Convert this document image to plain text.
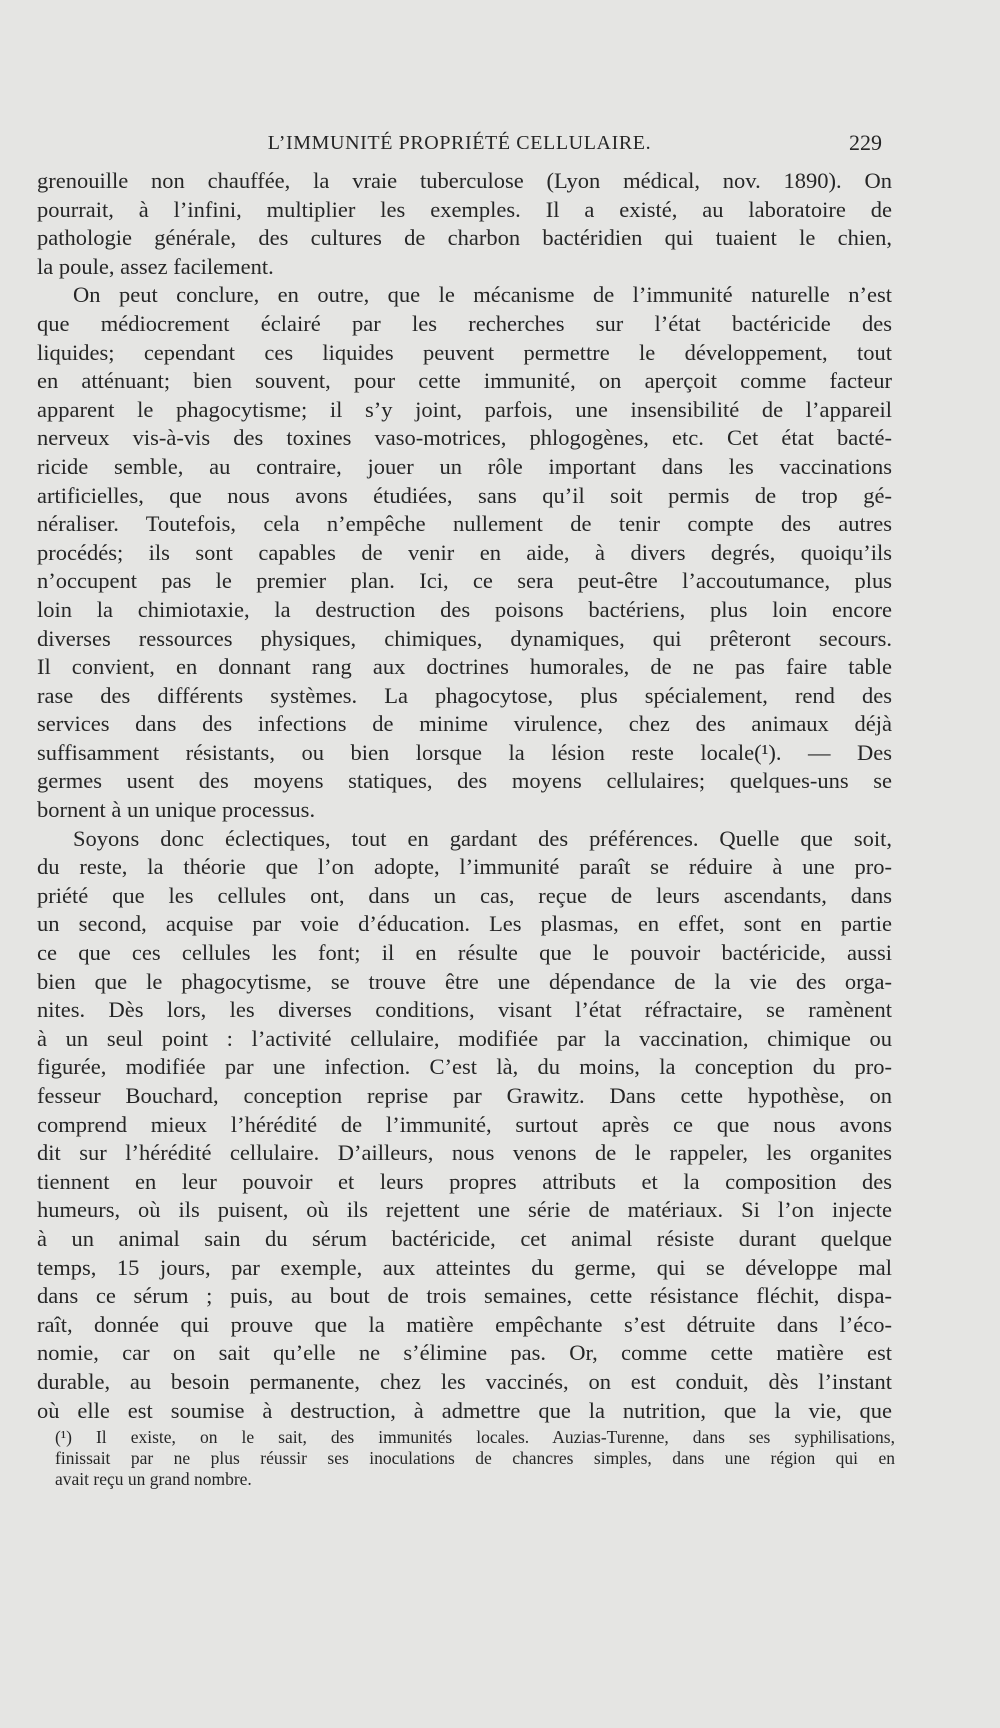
L’IMMUNITÉ PROPRIÉTÉ CELLULAIRE.	229
grenouille non chauffée, la vraie tuberculose (Lyon médical, nov. 1890). On
pourrait, à l’infini, multiplier les exemples. Il a existé, au laboratoire de
pathologie générale, des cultures de charbon bactéridien qui tuaient le chien,
la poule, assez facilement.
On peut conclure, en outre, que le mécanisme de l’immunité naturelle n’est
que médiocrement éclairé par les recherches sur l’état bactéricide des
liquides; cependant ces liquides peuvent permettre le développement, tout
en atténuant; bien souvent, pour cette immunité, on aperçoit comme facteur
apparent le phagocytisme; il s’y joint, parfois, une insensibilité de l’appareil
nerveux vis-à-vis des toxines vaso-motrices, phlogogènes, etc. Cet état bacté-
ricide semble, au contraire, jouer un rôle important dans les vaccinations
artificielles, que nous avons étudiées, sans qu’il soit permis de trop gé-
néraliser. Toutefois, cela n’empêche nullement de tenir compte des autres
procédés; ils sont capables de venir en aide, à divers degrés, quoiqu’ils
n’occupent pas le premier plan. Ici, ce sera peut-être l’accoutumance, plus
loin la chimiotaxie, la destruction des poisons bactériens, plus loin encore
diverses ressources physiques, chimiques, dynamiques, qui prêteront secours.
Il convient, en donnant rang aux doctrines humorales, de ne pas faire table
rase des différents systèmes. La phagocytose, plus spécialement, rend des
services dans des infections de minime virulence, chez des animaux déjà
suffisamment résistants, ou bien lorsque la lésion reste locale(¹). — Des
germes usent des moyens statiques, des moyens cellulaires; quelques-uns se
bornent à un unique processus.
Soyons donc éclectiques, tout en gardant des préférences. Quelle que soit,
du reste, la théorie que l’on adopte, l’immunité paraît se réduire à une pro-
priété que les cellules ont, dans un cas, reçue de leurs ascendants, dans
un second, acquise par voie d’éducation. Les plasmas, en effet, sont en partie
ce que ces cellules les font; il en résulte que le pouvoir bactéricide, aussi
bien que le phagocytisme, se trouve être une dépendance de la vie des orga-
nites. Dès lors, les diverses conditions, visant l’état réfractaire, se ramènent
à un seul point : l’activité cellulaire, modifiée par la vaccination, chimique ou
figurée, modifiée par une infection. C’est là, du moins, la conception du pro-
fesseur Bouchard, conception reprise par Grawitz. Dans cette hypothèse, on
comprend mieux l’hérédité de l’immunité, surtout après ce que nous avons
dit sur l’hérédité cellulaire. D’ailleurs, nous venons de le rappeler, les organites
tiennent en leur pouvoir et leurs propres attributs et la composition des
humeurs, où ils puisent, où ils rejettent une série de matériaux. Si l’on injecte
à un animal sain du sérum bactéricide, cet animal résiste durant quelque
temps, 15 jours, par exemple, aux atteintes du germe, qui se développe mal
dans ce sérum ; puis, au bout de trois semaines, cette résistance fléchit, dispa-
raît, donnée qui prouve que la matière empêchante s’est détruite dans l’éco-
nomie, car on sait qu’elle ne s’élimine pas. Or, comme cette matière est
durable, au besoin permanente, chez les vaccinés, on est conduit, dès l’instant
où elle est soumise à destruction, à admettre que la nutrition, que la vie, que
(¹) Il existe, on le sait, des immunités locales. Auzias-Turenne, dans ses syphilisations,
finissait par ne plus réussir ses inoculations de chancres simples, dans une région qui en
avait reçu un grand nombre.
